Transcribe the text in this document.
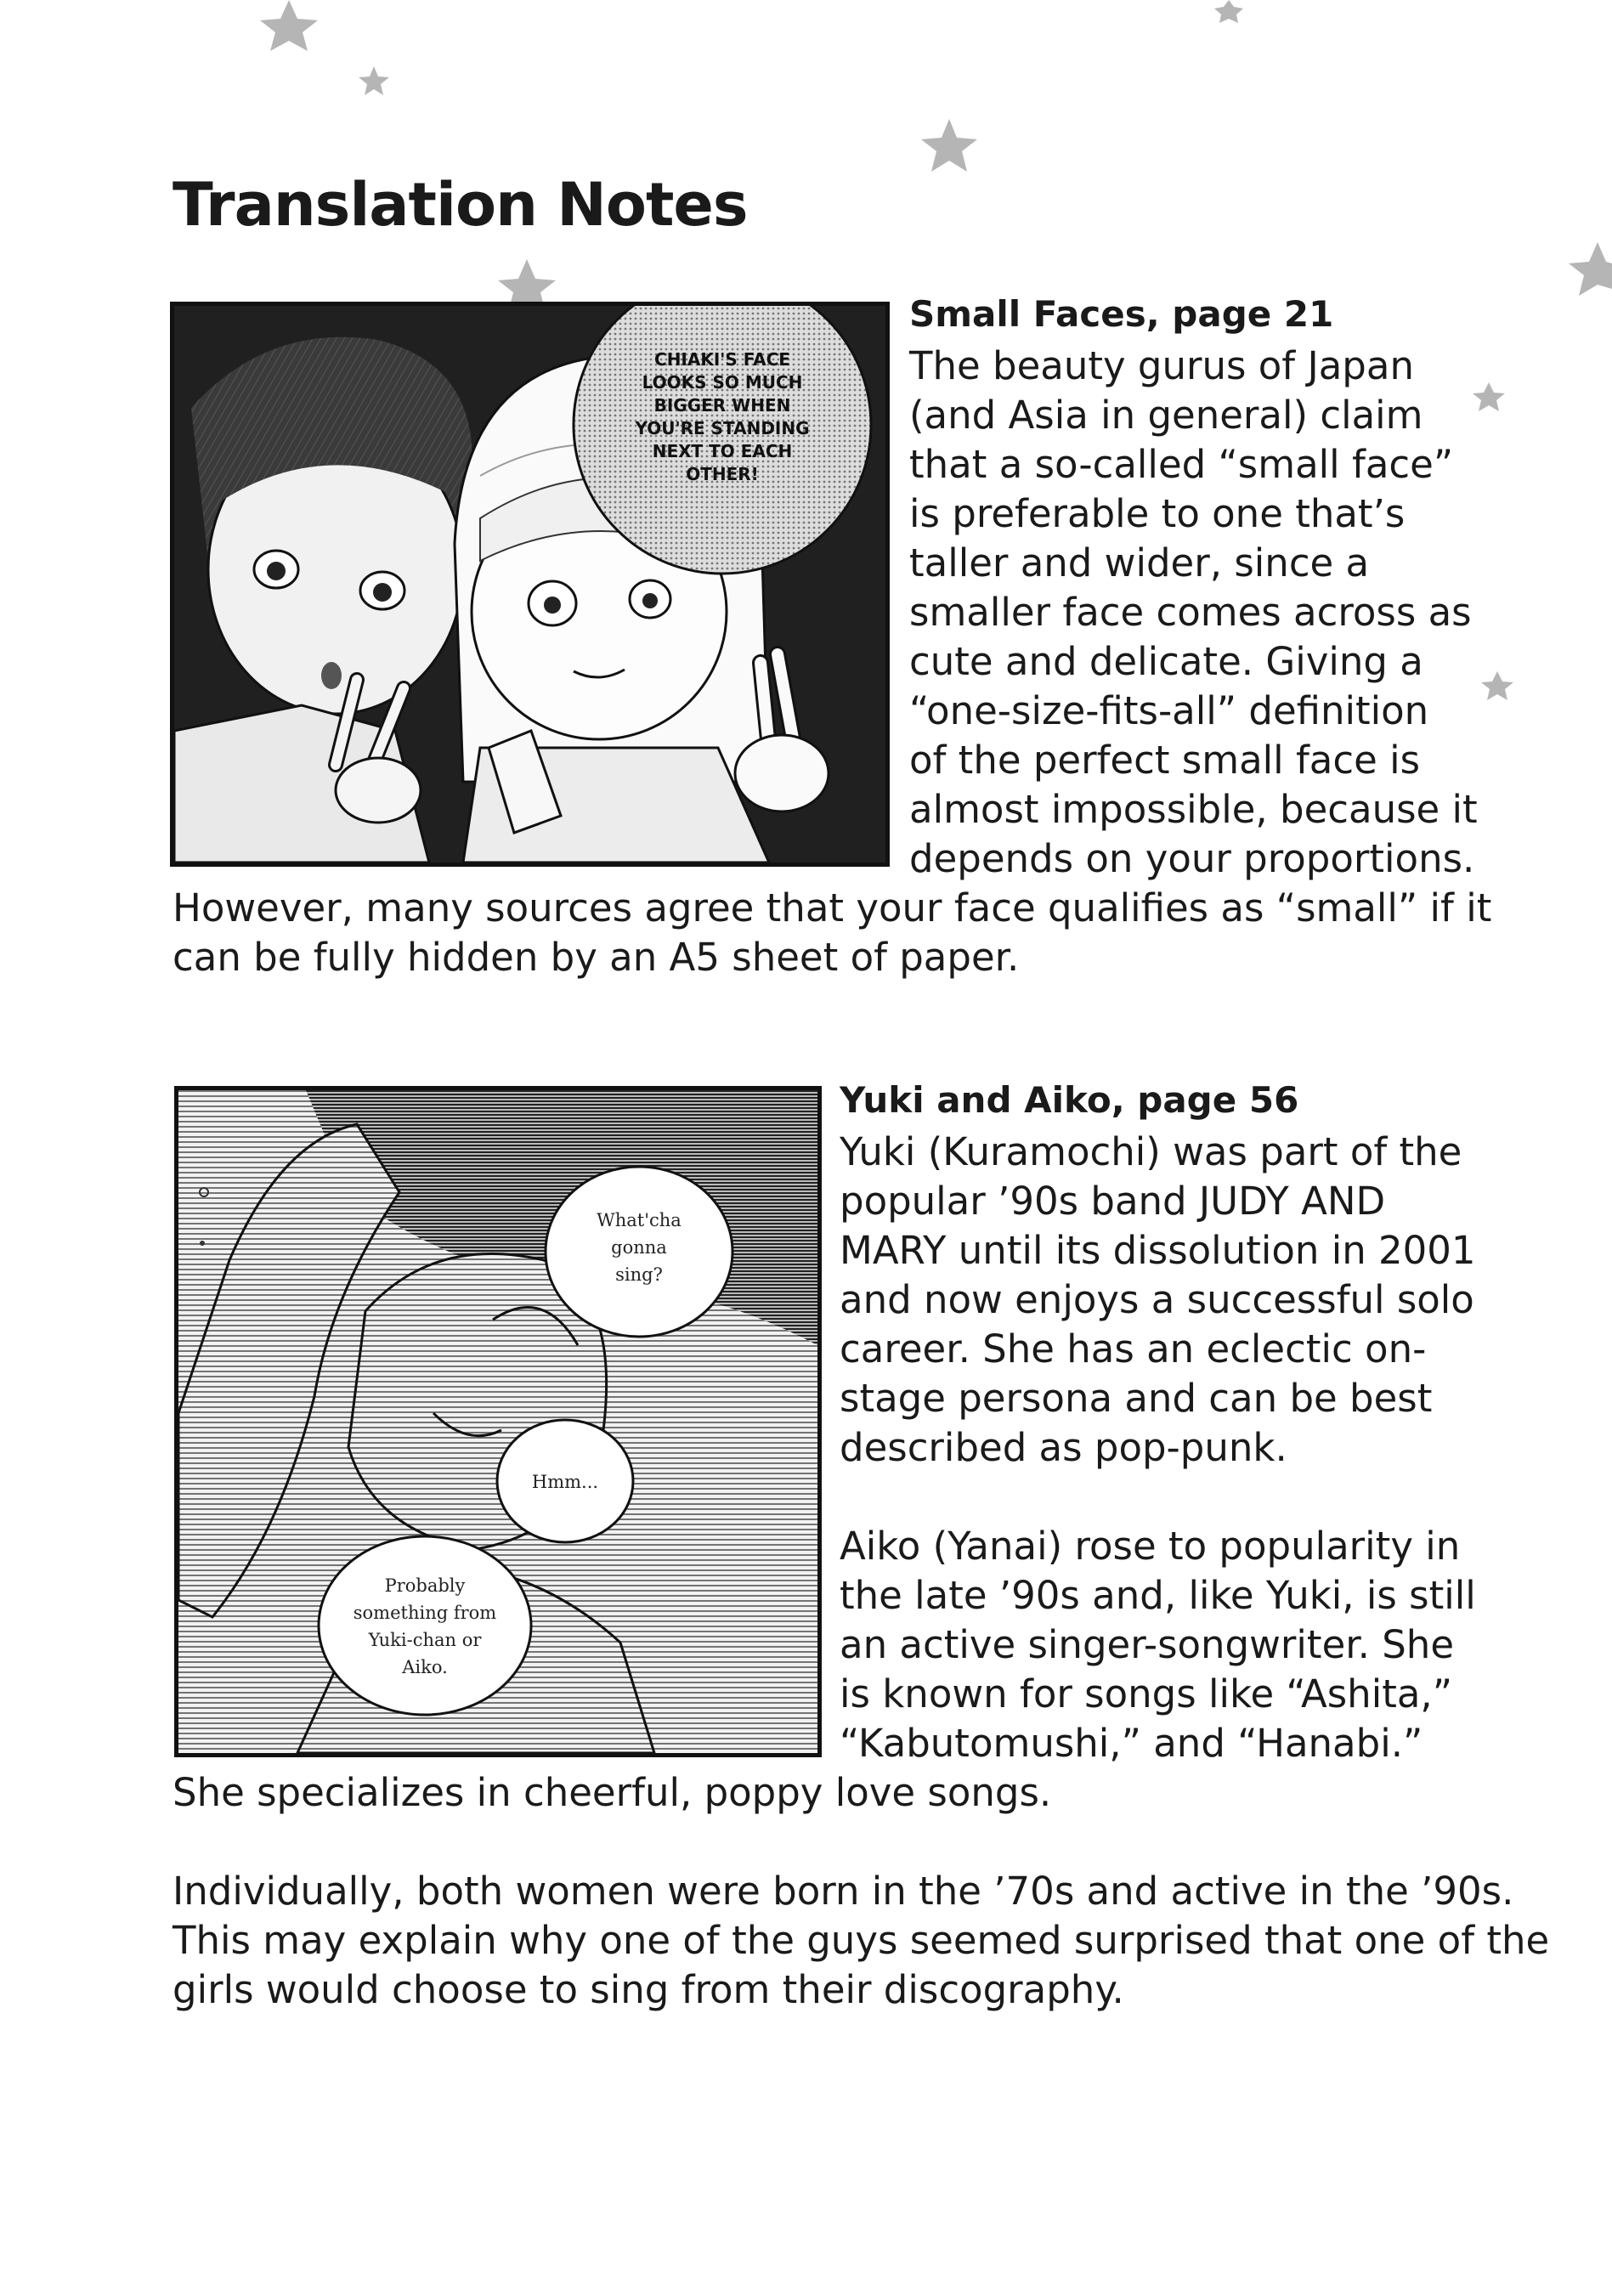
Translation Notes
CHIAKI'S FACE
LOOKS SO MUCH
BIGGER WHEN
YOU'RE STANDING
NEXT TO EACH
OTHER!
Small Faces, page 21

The beauty gurus of Japan

(and Asia in general) claim

that a so-called “small face”

is preferable to one that’s

taller and wider, since a

smaller face comes across as

cute and delicate. Giving a

“one-size-fits-all” definition

of the perfect small face is

almost impossible, because it

depends on your proportions.

However, many sources agree that your face qualifies as “small” if it

can be fully hidden by an A5 sheet of paper.

What'cha
gonna
sing?
Hmm...
Probably
something from
Yuki-chan or
Aiko.
Yuki and Aiko, page 56

Yuki (Kuramochi) was part of the

popular ’90s band JUDY AND

MARY until its dissolution in 2001

and now enjoys a successful solo

career. She has an eclectic on-

stage persona and can be best

described as pop-punk.

Aiko (Yanai) rose to popularity in

the late ’90s and, like Yuki, is still

an active singer-songwriter. She

is known for songs like “Ashita,”

“Kabutomushi,” and “Hanabi.”

She specializes in cheerful, poppy love songs.

Individually, both women were born in the ’70s and active in the ’90s.

This may explain why one of the guys seemed surprised that one of the

girls would choose to sing from their discography.
